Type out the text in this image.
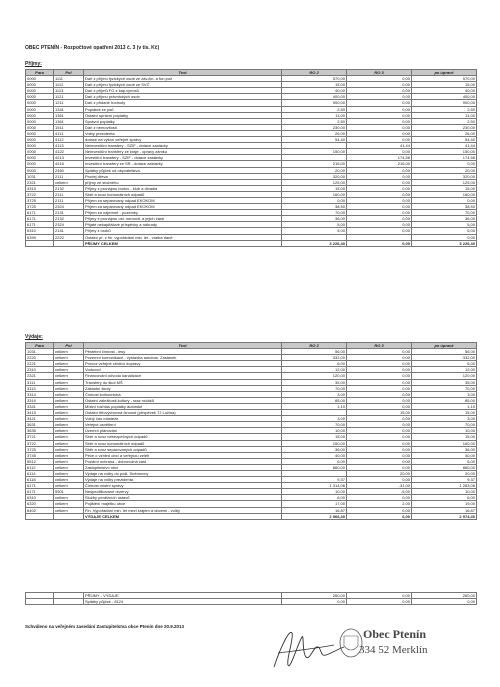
OBEC PTENÍN - Rozpočtové opatření 2013 č. 3 (v tis. Kč)
Příjmy:
Para	Pol	Text	RO 2	RO 3	po úpravě
0000	1111	Daň z příjmu fyzických osob ze záv.čin. a fun.pož	570,00	0,00	570,00
0000	1112	Daň z příjmu fyzických osob ze SVČ	15,00	0,00	15,00
0000	1113	Daň z příjmů FO z kap.výnosů	40,00	0,00	40,00
0000	1121	Daň z příjmu právnických osob	400,00	0,00	400,00
0000	1211	Daň z přidané hodnoty	900,00	0,00	900,00
0000	1341	Poplatek ze psů	2,50	0,00	2,50
0000	1361	Ostatní správní poplatky	11,00	0,00	11,00
0000	1361	Správní poplatky	2,50	0,00	2,50
0000	1511	Daň z nemovitostí	230,00	0,00	230,00
0000	4111	Volby prezidenta	26,00	0,00	26,00
0000	4112	dotace na výkon veřejné správy	54,40	0,00	54,40
0000	4113	Neinvestiční transfery - SZIF - dotace zastávky		41,44	41,44
0000	4122	Neinvestiční transfery ze kraje - opravy zámku	150,00	0,00	150,00
0000	4213	Investiční transfery - SZIF - dotace zastávky		174,56	174,56
0000	4216	Investiční transfery ze SR - dotace zastávky	216,00	-216,00	0,00
0000	2460	Splátky půjček od obyvatelstva	20,00	0,00	20,00
1031	2111	Prodej dřeva	320,00	0,00	320,00
2321	celkem	příjmy ze stočného	125,00	0,00	125,00
3319	2132	Příjmy z pronájmu budov - klub a divadla	15,00	0,00	15,00
3722	2111	Sběr a svoz komunálních odpadů	160,00	0,00	160,00
3725	2111	Příjem za separovaný odpad EKOKOM	0,00	0,00	0,00
3725	2324	Příjem za separovaný odpad EKOKOM	38,50	0,00	38,50
6171	2131	Příjem za nájemné - pozemky	70,00	0,00	70,00
6171	2132	Příjmy z pronájmu ost. nemovit. a jejich částí	36,00	0,00	36,00
6171	2324	Přijaté nekapitálové příspěvky a náhrady	5,00	0,00	5,00
6310	2141	Příjmy z úroků	5,00	0,00	5,00
6399	2222	Ostatní př. z fin. vypořádání min. let - vratka daně			0,00
		PŘÍJMY CELKEM	3 226,40	0,00	3 226,40
Výdaje:
Para	Pol	Text	RO 2	RO 3	po úpravě
1031	celkem	Pěstební činnost - lesy	56,00	0,00	56,00
2220	celkem	Pozemní komunikace - výstavba autobus. Zastávek	332,00	0,00	332,00
2221	celkem	Provoz veřejné silniční dopravy	6,00	0,00	6,00
2310	celkem	Vodovod	12,00	0,00	12,00
2321	celkem	Financování odvodu kanalizace	120,00	0,00	120,00
3111	celkem	Transfery do škol MŠ	35,00	0,00	35,00
3113	celkem	Základní školy	70,00	0,00	70,00
3314	celkem	Činnost knihovnická	3,00	0,00	3,00
3319	celkem	Ostatní záležitosti kultury - sraz rodáků	85,00	0,00	85,00
3341	celkem	Místní rozhlas poplatky autorské	1,10	0,00	1,10
3419	celkem	Ostatní tělovýchovná činnost (příspěvek TJ Lučina)		15,00	15,00
3421	celkem	Volný čas mládeže	3,00	0,00	3,00
3631	celkem	Veřejné osvětlení	70,00	0,00	70,00
3635	celkem	Územní plánování	10,00	0,00	10,00
3721	celkem	Sběr a svoz nebezpečných odpadů	15,00	0,00	15,00
3722	celkem	Sběr a svoz komunálních odpadů	160,00	0,00	160,00
3725	celkem	Sběr a svoz separovaných odpadů	36,00	0,00	36,00
3745	celkem	Péče o vzhled obcí a veřejnou zeleň	40,00	0,00	40,00
5512	celkem	Požární ochrana - dobrovolná část	6,00	0,00	6,00
6112	celkem	Zastupitelstvo obcí	860,00	0,00	860,00
6114	celkem	Výdaje na volby do pošl. Sněmovny		20,00	20,00
6118	celkem	Výdaje na volby prezidenta	9,37	0,00	9,37
6171	celkem	Činnost místní správy	1 314,06	-31,00	1 283,06
6171	5901	Nespecifikované rezervy	10,00	-5,00	10,00
6310	celkem	Služby peněžních ústavů	6,00	0,00	6,00
6320	celkem	Pojištění majetku obce	17,00	2,00	19,00
6402	celkem	Fin. Vypořádání min. let mezi krajem a obcemi - volby	16,87	0,00	16,87
		VÝDAJE CELKEM	2 966,40	6,00	2 974,40
		PŘÍJMY - VÝDAJE	260,00	0,00	260,00
		Splátky půjček - 8124	0,00	0,00	0,00
Schváleno na veřejném zasedání Zastupitelstva obce Ptenín dne 20.9.2013
Obec Ptenín
334 52 Merklín
